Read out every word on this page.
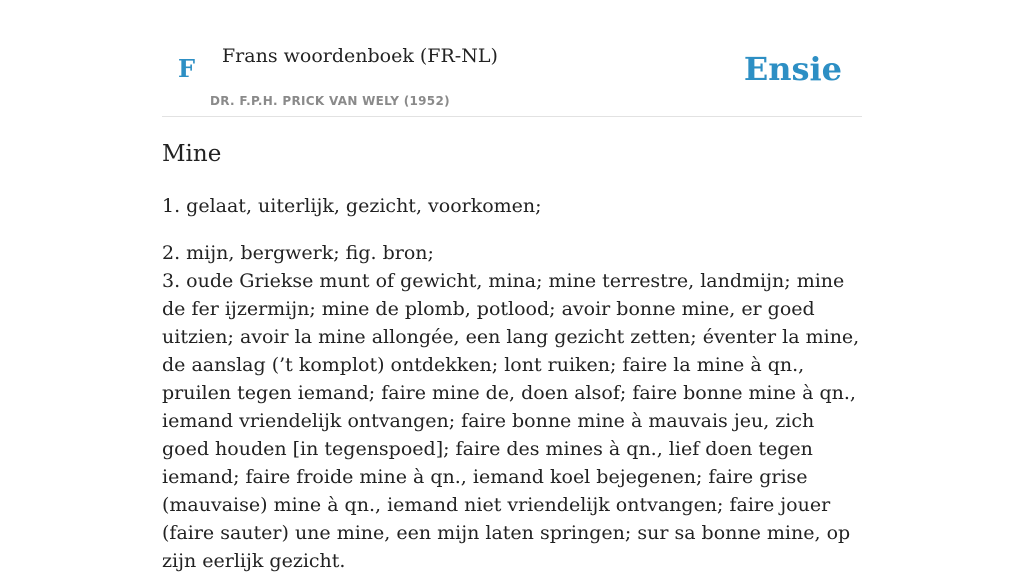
F Frans woordenboek (FR-NL)
DR. F.P.H. PRICK VAN WELY (1952)
Ensie
Mine

1. gelaat, uiterlijk, gezicht, voorkomen;

2. mijn, bergwerk; fig. bron;

3. oude Griekse munt of gewicht, mina; mine terrestre, landmijn; mine de fer ijzermijn; mine de plomb, potlood; avoir bonne mine, er goed uitzien; avoir la mine allongée, een lang gezicht zetten; éventer la mine, de aanslag (’t komplot) ontdekken; lont ruiken; faire la mine à qn., pruilen tegen iemand; faire mine de, doen alsof; faire bonne mine à qn., iemand vriendelijk ontvangen; faire bonne mine à mauvais jeu, zich goed houden [in tegenspoed]; faire des mines à qn., lief doen tegen iemand; faire froide mine à qn., iemand koel bejegenen; faire grise (mauvaise) mine à qn., iemand niet vriendelijk ontvangen; faire jouer (faire sauter) une mine, een mijn laten springen; sur sa bonne mine, op zijn eerlijk gezicht.
